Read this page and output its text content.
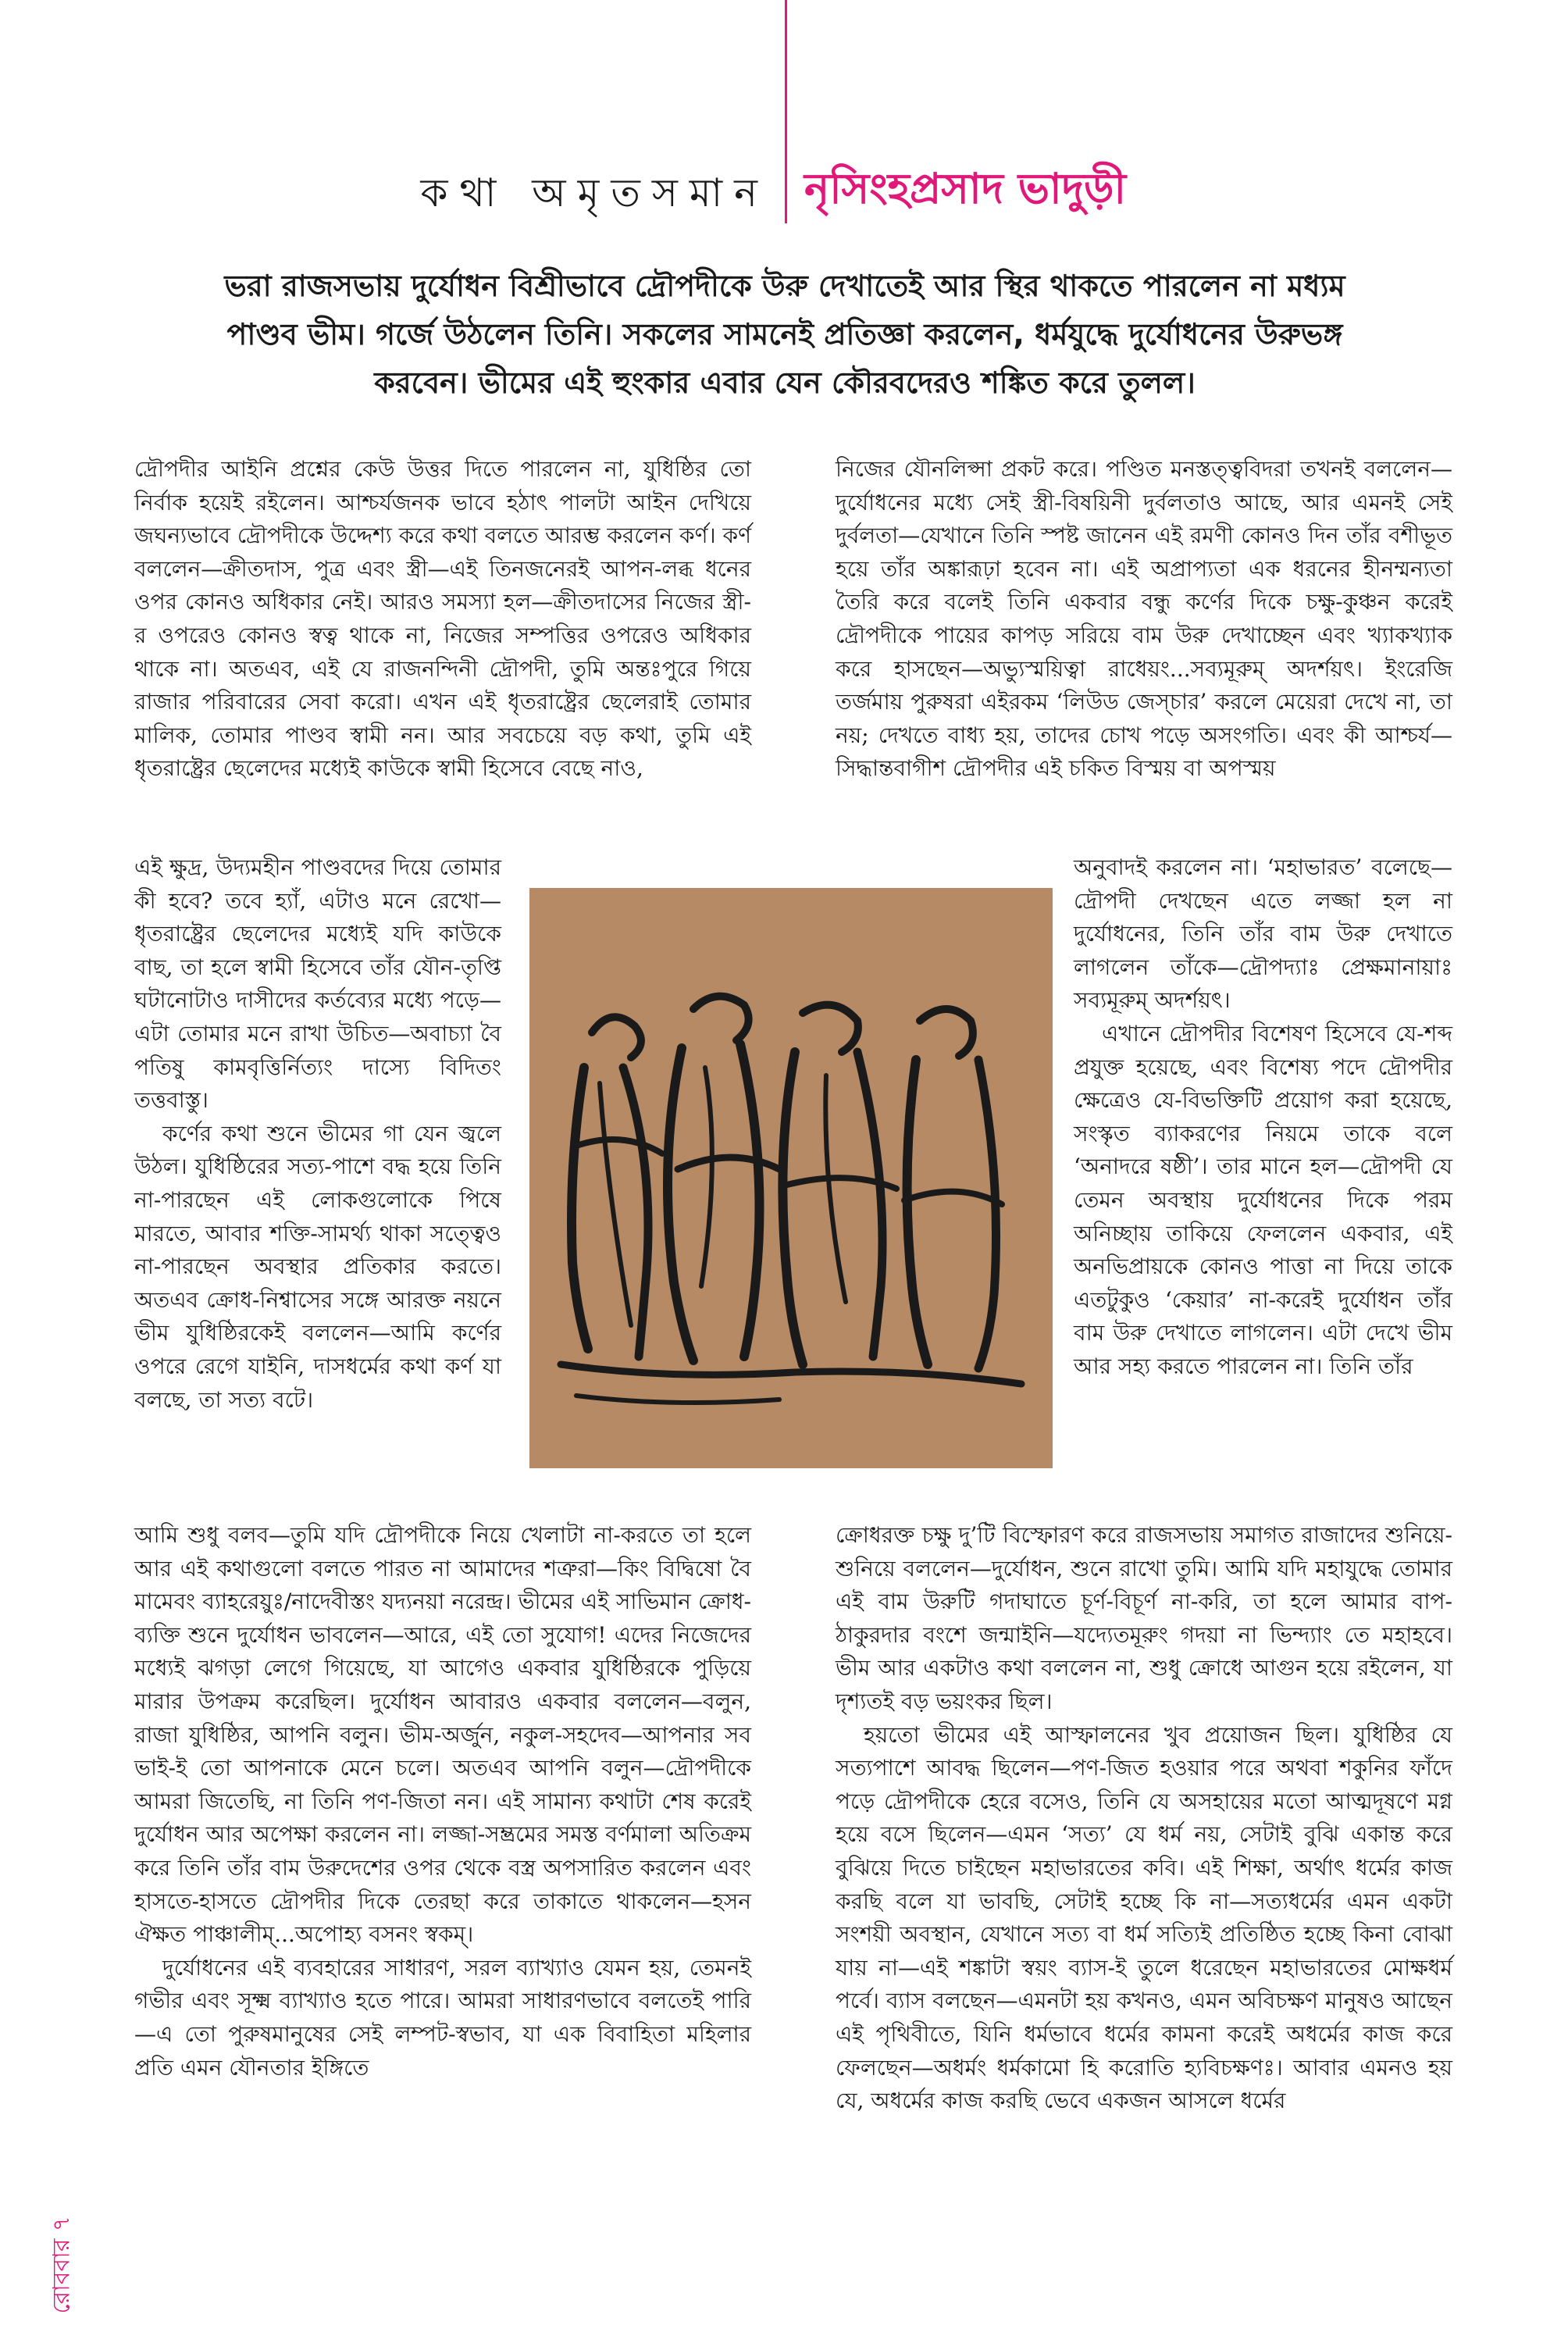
কথা অমৃতসমান নৃসিংহপ্রসাদ ভাদুড়ী
ভরা রাজসভায় দুর্যোধন বিশ্রীভাবে দ্রৌপদীকে উরু দেখাতেই আর স্থির থাকতে পারলেন না মধ্যম পাণ্ডব ভীম। গর্জে উঠলেন তিনি। সকলের সামনেই প্রতিজ্ঞা করলেন, ধর্মযুদ্ধে দুর্যোধনের উরুভঙ্গ করবেন। ভীমের এই হুংকার এবার যেন কৌরবদেরও শঙ্কিত করে তুলল।

দ্রৌপদীর আইনি প্রশ্নের কেউ উত্তর দিতে পারলেন না, যুধিষ্ঠির তো নির্বাক হয়েই রইলেন। আশ্চর্যজনক ভাবে হঠাৎ পালটা আইন দেখিয়ে জঘন্যভাবে দ্রৌপদীকে উদ্দেশ্য করে কথা বলতে আরম্ভ করলেন কর্ণ। কর্ণ বললেন—ক্রীতদাস, পুত্র এবং স্ত্রী—এই তিনজনেরই আপন-লব্ধ ধনের ওপর কোনও অধিকার নেই। আরও সমস্যা হল—ক্রীতদাসের নিজের স্ত্রী-র ওপরেও কোনও স্বত্ব থাকে না, নিজের সম্পত্তির ওপরেও অধিকার থাকে না। অতএব, এই যে রাজনন্দিনী দ্রৌপদী, তুমি অন্তঃপুরে গিয়ে রাজার পরিবারের সেবা করো। এখন এই ধৃতরাষ্ট্রের ছেলেরাই তোমার মালিক, তোমার পাণ্ডব স্বামী নন। আর সবচেয়ে বড় কথা, তুমি এই ধৃতরাষ্ট্রের ছেলেদের মধ্যেই কাউকে স্বামী হিসেবে বেছে নাও,

এই ক্ষুদ্র, উদ্যমহীন পাণ্ডবদের দিয়ে তোমার কী হবে? তবে হ্যাঁ, এটাও মনে রেখো—ধৃতরাষ্ট্রের ছেলেদের মধ্যেই যদি কাউকে বাছ, তা হলে স্বামী হিসেবে তাঁর যৌন-তৃপ্তি ঘটানোটাও দাসীদের কর্তব্যের মধ্যে পড়ে—এটা তোমার মনে রাখা উচিত—অবাচ্যা বৈ পতিষু কামবৃত্তির্নিত্যং দাস্যে বিদিতং তত্তবাস্তু।

কর্ণের কথা শুনে ভীমের গা যেন জ্বলে উঠল। যুধিষ্ঠিরের সত্য-পাশে বদ্ধ হয়ে তিনি না-পারছেন এই লোকগুলোকে পিষে মারতে, আবার শক্তি-সামর্থ্য থাকা সত্ত্বেও না-পারছেন অবস্থার প্রতিকার করতে। অতএব ক্রোধ-নিশ্বাসের সঙ্গে আরক্ত নয়নে ভীম যুধিষ্ঠিরকেই বললেন—আমি কর্ণের ওপরে রেগে যাইনি, দাসধর্মের কথা কর্ণ যা বলছে, তা সত্য বটে।

আমি শুধু বলব—তুমি যদি দ্রৌপদীকে নিয়ে খেলাটা না-করতে তা হলে আর এই কথাগুলো বলতে পারত না আমাদের শত্রুরা—কিং বিদ্বিষো বৈ মামেবং ব্যাহরেয়ুঃ/নাদেবীস্তং যদ্যনয়া নরেন্দ্র। ভীমের এই সাভিমান ক্রোধ-ব্যক্তি শুনে দুর্যোধন ভাবলেন—আরে, এই তো সুযোগ! এদের নিজেদের মধ্যেই ঝগড়া লেগে গিয়েছে, যা আগেও একবার যুধিষ্ঠিরকে পুড়িয়ে মারার উপক্রম করেছিল। দুর্যোধন আবারও একবার বললেন—বলুন, রাজা যুধিষ্ঠির, আপনি বলুন। ভীম-অর্জুন, নকুল-সহদেব—আপনার সব ভাই-ই তো আপনাকে মেনে চলে। অতএব আপনি বলুন—দ্রৌপদীকে আমরা জিতেছি, না তিনি পণ-জিতা নন। এই সামান্য কথাটা শেষ করেই দুর্যোধন আর অপেক্ষা করলেন না। লজ্জা-সম্ভ্রমের সমস্ত বর্ণমালা অতিক্রম করে তিনি তাঁর বাম উরুদেশের ওপর থেকে বস্ত্র অপসারিত করলেন এবং হাসতে-হাসতে দ্রৌপদীর দিকে তেরছা করে তাকাতে থাকলেন—হসন ঐক্ষত পাঞ্চালীম্...অপোহ্য বসনং স্বকম্।

দুর্যোধনের এই ব্যবহারের সাধারণ, সরল ব্যাখ্যাও যেমন হয়, তেমনই গভীর এবং সূক্ষ্ম ব্যাখ্যাও হতে পারে। আমরা সাধারণভাবে বলতেই পারি—এ তো পুরুষমানুষের সেই লম্পট-স্বভাব, যা এক বিবাহিতা মহিলার প্রতি এমন যৌনতার ইঙ্গিতে

নিজের যৌনলিপ্সা প্রকট করে। পণ্ডিত মনস্তত্ত্ববিদরা তখনই বললেন—দুর্যোধনের মধ্যে সেই স্ত্রী-বিষয়িনী দুর্বলতাও আছে, আর এমনই সেই দুর্বলতা—যেখানে তিনি স্পষ্ট জানেন এই রমণী কোনও দিন তাঁর বশীভূত হয়ে তাঁর অঙ্কারূঢ়া হবেন না। এই অপ্রাপ্যতা এক ধরনের হীনম্মন্যতা তৈরি করে বলেই তিনি একবার বন্ধু কর্ণের দিকে চক্ষু-কুঞ্চন করেই দ্রৌপদীকে পায়ের কাপড় সরিয়ে বাম উরু দেখাচ্ছেন এবং খ্যাকখ্যাক করে হাসছেন—অভ্যুস্ময়িত্বা রাধেয়ং...সব্যমূরুম্ অদর্শয়ৎ। ইংরেজি তর্জমায় পুরুষরা এইরকম ‘লিউড জেস্চার’ করলে মেয়েরা দেখে না, তা নয়; দেখতে বাধ্য হয়, তাদের চোখ পড়ে অসংগতি। এবং কী আশ্চর্য—সিদ্ধান্তবাগীশ দ্রৌপদীর এই চকিত বিস্ময় বা অপস্ময়

অনুবাদই করলেন না। ‘মহাভারত’ বলেছে—দ্রৌপদী দেখছেন এতে লজ্জা হল না দুর্যোধনের, তিনি তাঁর বাম উরু দেখাতে লাগলেন তাঁকে—দ্রৌপদ্যাঃ প্রেক্ষমানায়াঃ সব্যমূরুম্ অদর্শয়ৎ।

এখানে দ্রৌপদীর বিশেষণ হিসেবে যে-শব্দ প্রযুক্ত হয়েছে, এবং বিশেষ্য পদে দ্রৌপদীর ক্ষেত্রেও যে-বিভক্তিটি প্রয়োগ করা হয়েছে, সংস্কৃত ব্যাকরণের নিয়মে তাকে বলে ‘অনাদরে ষষ্ঠী’। তার মানে হল—দ্রৌপদী যে তেমন অবস্থায় দুর্যোধনের দিকে পরম অনিচ্ছায় তাকিয়ে ফেললেন একবার, এই অনভিপ্রায়কে কোনও পাত্তা না দিয়ে তাকে এতটুকুও ‘কেয়ার’ না-করেই দুর্যোধন তাঁর বাম উরু দেখাতে লাগলেন। এটা দেখে ভীম আর সহ্য করতে পারলেন না। তিনি তাঁর

ক্রোধরক্ত চক্ষু দু’টি বিস্ফোরণ করে রাজসভায় সমাগত রাজাদের শুনিয়ে-শুনিয়ে বললেন—দুর্যোধন, শুনে রাখো তুমি। আমি যদি মহাযুদ্ধে তোমার এই বাম উরুটি গদাঘাতে চূর্ণ-বিচূর্ণ না-করি, তা হলে আমার বাপ-ঠাকুরদার বংশে জন্মাইনি—যদ্যেতমূরুং গদয়া না ভিন্দ্যাং তে মহাহবে। ভীম আর একটাও কথা বললেন না, শুধু ক্রোধে আগুন হয়ে রইলেন, যা দৃশ্যতই বড় ভয়ংকর ছিল।

হয়তো ভীমের এই আস্ফালনের খুব প্রয়োজন ছিল। যুধিষ্ঠির যে সত্যপাশে আবদ্ধ ছিলেন—পণ-জিত হওয়ার পরে অথবা শকুনির ফাঁদে পড়ে দ্রৌপদীকে হেরে বসেও, তিনি যে অসহায়ের মতো আত্মদূষণে মগ্ন হয়ে বসে ছিলেন—এমন ‘সত্য’ যে ধর্ম নয়, সেটাই বুঝি একান্ত করে বুঝিয়ে দিতে চাইছেন মহাভারতের কবি। এই শিক্ষা, অর্থাৎ ধর্মের কাজ করছি বলে যা ভাবছি, সেটাই হচ্ছে কি না—সত্যধর্মের এমন একটা সংশয়ী অবস্থান, যেখানে সত্য বা ধর্ম সত্যিই প্রতিষ্ঠিত হচ্ছে কিনা বোঝা যায় না—এই শঙ্কাটা স্বয়ং ব্যাস-ই তুলে ধরেছেন মহাভারতের মোক্ষধর্ম পর্বে। ব্যাস বলছেন—এমনটা হয় কখনও, এমন অবিচক্ষণ মানুষও আছেন এই পৃথিবীতে, যিনি ধর্মভাবে ধর্মের কামনা করেই অধর্মের কাজ করে ফেলছেন—অধর্মং ধর্মকামো হি করোতি হ্যবিচক্ষণঃ। আবার এমনও হয় যে, অধর্মের কাজ করছি ভেবে একজন আসলে ধর্মের

রোববার ৭
